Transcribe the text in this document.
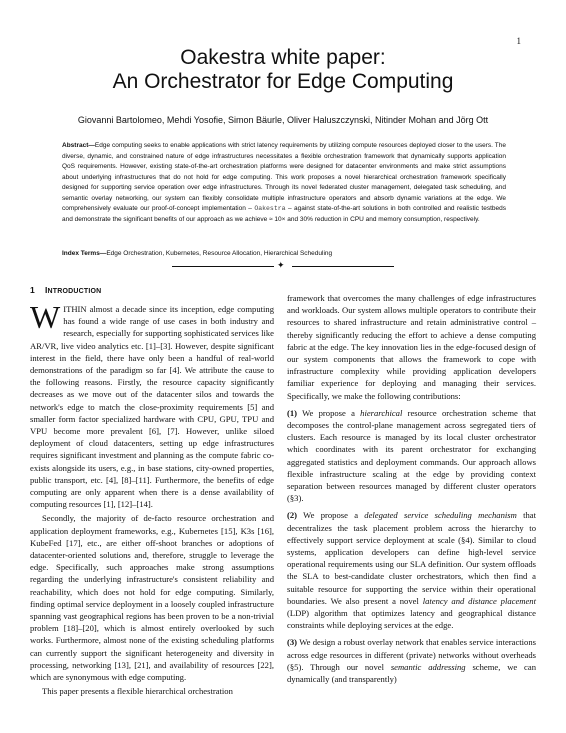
1
Oakestra white paper:
An Orchestrator for Edge Computing
Giovanni Bartolomeo, Mehdi Yosofie, Simon Bäurle, Oliver Haluszczynski, Nitinder Mohan and Jörg Ott
Abstract—Edge computing seeks to enable applications with strict latency requirements by utilizing compute resources deployed closer to the users. The diverse, dynamic, and constrained nature of edge infrastructures necessitates a flexible orchestration framework that dynamically supports application QoS requirements. However, existing state-of-the-art orchestration platforms were designed for datacenter environments and make strict assumptions about underlying infrastructures that do not hold for edge computing. This work proposes a novel hierarchical orchestration framework specifically designed for supporting service operation over edge infrastructures. Through its novel federated cluster management, delegated task scheduling, and semantic overlay networking, our system can flexibly consolidate multiple infrastructure operators and absorb dynamic variations at the edge. We comprehensively evaluate our proof-of-concept implementation – Oakestra – against state-of-the-art solutions in both controlled and realistic testbeds and demonstrate the significant benefits of our approach as we achieve ≈ 10× and 30% reduction in CPU and memory consumption, respectively.
Index Terms—Edge Orchestration, Kubernetes, Resource Allocation, Hierarchical Scheduling
✦
1 INTRODUCTION

WITHIN almost a decade since its inception, edge computing has found a wide range of use cases in both industry and research, especially for supporting sophisticated services like AR/VR, live video analytics etc. [1]–[3]. However, despite significant interest in the field, there have only been a handful of real-world demonstrations of the paradigm so far [4]. We attribute the cause to the following reasons. Firstly, the resource capacity significantly decreases as we move out of the datacenter silos and towards the network's edge to match the close-proximity requirements [5] and smaller form factor specialized hardware with CPU, GPU, TPU and VPU become more prevalent [6], [7]. However, unlike siloed deployment of cloud datacenters, setting up edge infrastructures requires significant investment and planning as the compute fabric co-exists alongside its users, e.g., in base stations, city-owned properties, public transport, etc. [4], [8]–[11]. Furthermore, the benefits of edge computing are only apparent when there is a dense availability of computing resources [1], [12]–[14].

Secondly, the majority of de-facto resource orchestration and application deployment frameworks, e.g., Kubernetes [15], K3s [16], KubeFed [17], etc., are either off-shoot branches or adoptions of datacenter-oriented solutions and, therefore, struggle to leverage the edge. Specifically, such approaches make strong assumptions regarding the underlying infrastructure's consistent reliability and reachability, which does not hold for edge computing. Similarly, finding optimal service deployment in a loosely coupled infrastructure spanning vast geographical regions has been proven to be a non-trivial problem [18]–[20], which is almost entirely overlooked by such works. Furthermore, almost none of the existing scheduling platforms can currently support the significant heterogeneity and diversity in processing, networking [13], [21], and availability of resources [22], which are synonymous with edge computing.

This paper presents a flexible hierarchical orchestration

framework that overcomes the many challenges of edge infrastructures and workloads. Our system allows multiple operators to contribute their resources to shared infrastructure and retain administrative control – thereby significantly reducing the effort to achieve a dense computing fabric at the edge. The key innovation lies in the edge-focused design of our system components that allows the framework to cope with infrastructure complexity while providing application developers familiar experience for deploying and managing their services. Specifically, we make the following contributions:

(1) We propose a hierarchical resource orchestration scheme that decomposes the control-plane management across segregated tiers of clusters. Each resource is managed by its local cluster orchestrator which coordinates with its parent orchestrator for exchanging aggregated statistics and deployment commands. Our approach allows flexible infrastructure scaling at the edge by providing context separation between resources managed by different cluster operators (§3).

(2) We propose a delegated service scheduling mechanism that decentralizes the task placement problem across the hierarchy to effectively support service deployment at scale (§4). Similar to cloud systems, application developers can define high-level service operational requirements using our SLA definition. Our system offloads the SLA to best-candidate cluster orchestrators, which then find a suitable resource for supporting the service within their operational boundaries. We also present a novel latency and distance placement (LDP) algorithm that optimizes latency and geographical distance constraints while deploying services at the edge.

(3) We design a robust overlay network that enables service interactions across edge resources in different (private) networks without overheads (§5). Through our novel semantic addressing scheme, we can dynamically (and transparently)
